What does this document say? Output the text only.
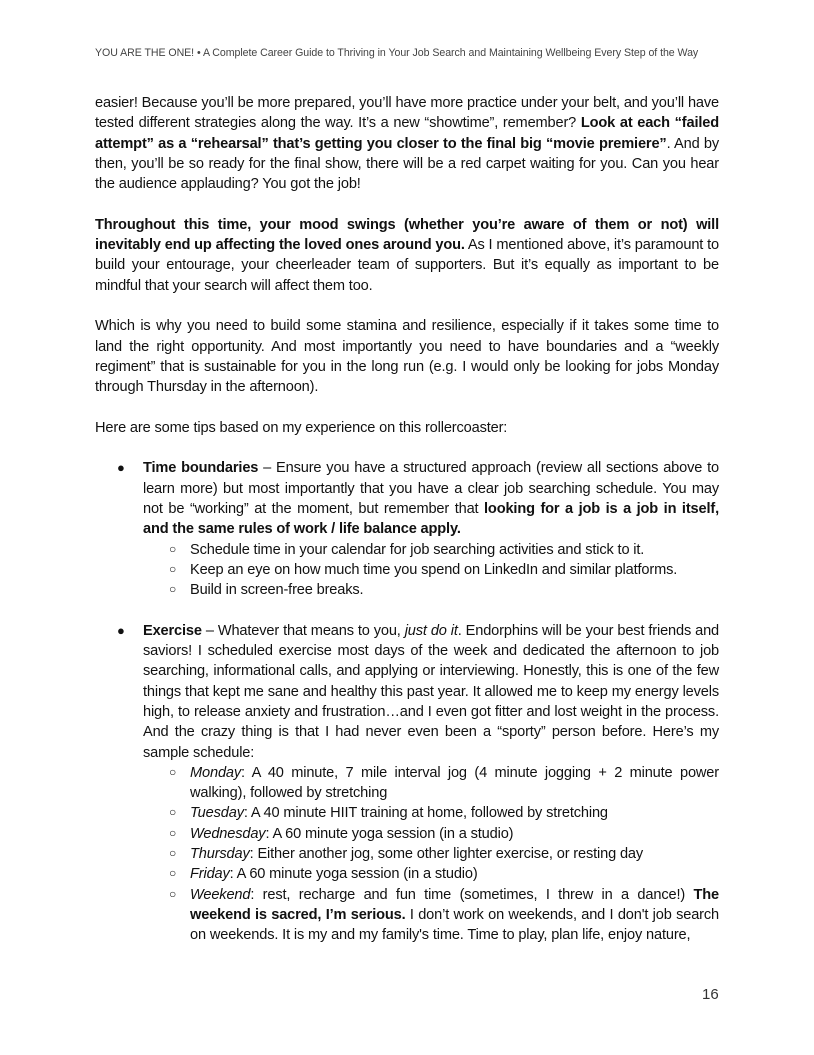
YOU ARE THE ONE! • A Complete Career Guide to Thriving in Your Job Search and Maintaining Wellbeing Every Step of the Way

easier! Because you’ll be more prepared, you’ll have more practice under your belt, and you’ll have tested different strategies along the way. It’s a new “showtime”, remember? Look at each “failed attempt” as a “rehearsal” that’s getting you closer to the final big “movie premiere”. And by then, you’ll be so ready for the final show, there will be a red carpet waiting for you. Can you hear the audience applauding? You got the job!

Throughout this time, your mood swings (whether you’re aware of them or not) will inevitably end up affecting the loved ones around you. As I mentioned above, it’s paramount to build your entourage, your cheerleader team of supporters. But it’s equally as important to be mindful that your search will affect them too.

Which is why you need to build some stamina and resilience, especially if it takes some time to land the right opportunity. And most importantly you need to have boundaries and a “weekly regiment” that is sustainable for you in the long run (e.g. I would only be looking for jobs Monday through Thursday in the afternoon).

Here are some tips based on my experience on this rollercoaster:

● Time boundaries – Ensure you have a structured approach (review all sections above to learn more) but most importantly that you have a clear job searching schedule. You may not be “working” at the moment, but remember that looking for a job is a job in itself, and the same rules of work / life balance apply.
○ Schedule time in your calendar for job searching activities and stick to it.
○ Keep an eye on how much time you spend on LinkedIn and similar platforms.
○ Build in screen-free breaks.
● Exercise – Whatever that means to you, just do it. Endorphins will be your best friends and saviors! I scheduled exercise most days of the week and dedicated the afternoon to job searching, informational calls, and applying or interviewing. Honestly, this is one of the few things that kept me sane and healthy this past year. It allowed me to keep my energy levels high, to release anxiety and frustration…and I even got fitter and lost weight in the process. And the crazy thing is that I had never even been a “sporty” person before. Here’s my sample schedule:
○ Monday: A 40 minute, 7 mile interval jog (4 minute jogging + 2 minute power walking), followed by stretching
○ Tuesday: A 40 minute HIIT training at home, followed by stretching
○ Wednesday: A 60 minute yoga session (in a studio)
○ Thursday: Either another jog, some other lighter exercise, or resting day
○ Friday: A 60 minute yoga session (in a studio)
○ Weekend: rest, recharge and fun time (sometimes, I threw in a dance!) The weekend is sacred, I’m serious. I don’t work on weekends, and I don't job search on weekends. It is my and my family's time. Time to play, plan life, enjoy nature,
16
